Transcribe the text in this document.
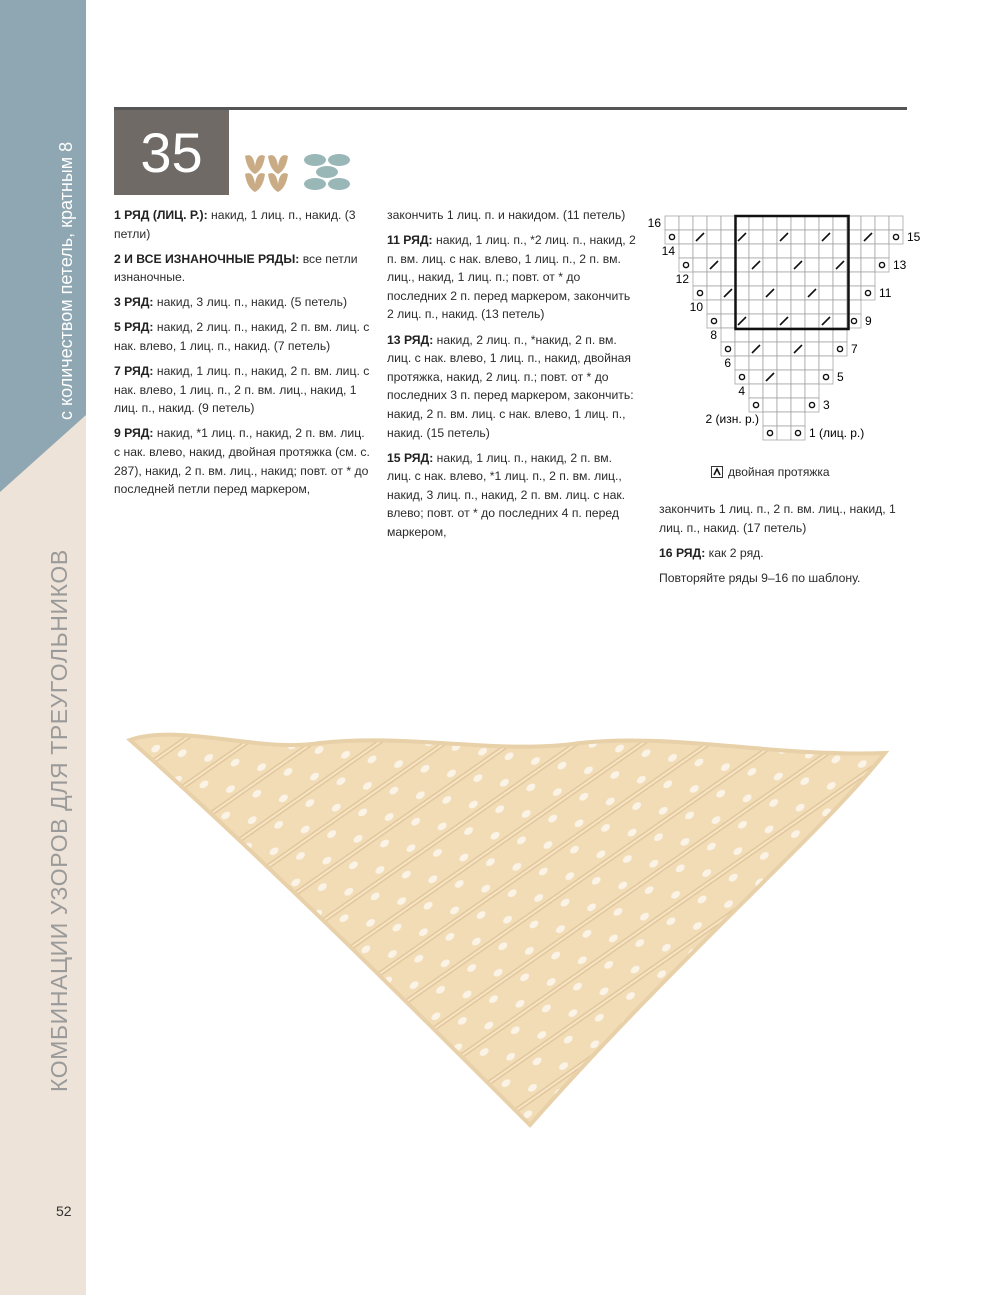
с количеством петель, кратным 8
КОМБИНАЦИИ УЗОРОВ ДЛЯ ТРЕУГОЛЬНИКОВ
52
35

1 РЯД (ЛИЦ. Р.): накид, 1 лиц. п., накид. (3 петли)

2 И ВСЕ ИЗНАНОЧНЫЕ РЯДЫ: все петли изнаночные.

3 РЯД: накид, 3 лиц. п., накид. (5 петель)

5 РЯД: накид, 2 лиц. п., накид, 2 п. вм. лиц. с нак. влево, 1 лиц. п., накид. (7 петель)

7 РЯД: накид, 1 лиц. п., накид, 2 п. вм. лиц. с нак. влево, 1 лиц. п., 2 п. вм. лиц., накид, 1 лиц. п., накид. (9 петель)

9 РЯД: накид, *1 лиц. п., накид, 2 п. вм. лиц. с нак. влево, накид, двойная протяжка (см. с. 287), накид, 2 п. вм. лиц., накид; повт. от * до последней петли перед маркером,

закончить 1 лиц. п. и накидом. (11 петель)

11 РЯД: накид, 1 лиц. п., *2 лиц. п., накид, 2 п. вм. лиц. с нак. влево, 1 лиц. п., 2 п. вм. лиц., накид, 1 лиц. п.; повт. от * до последних 2 п. перед маркером, закончить 2 лиц. п., накид. (13 петель)

13 РЯД: накид, 2 лиц. п., *накид, 2 п. вм. лиц. с нак. влево, 1 лиц. п., накид, двойная протяжка, накид, 2 лиц. п.; повт. от * до последних 3 п. перед маркером, закончить: накид, 2 п. вм. лиц. с нак. влево, 1 лиц. п., накид. (15 петель)

15 РЯД: накид, 1 лиц. п., накид, 2 п. вм. лиц. с нак. влево, *1 лиц. п., 2 п. вм. лиц., накид, 3 лиц. п., накид, 2 п. вм. лиц. с нак. влево; повт. от * до последних 4 п. перед маркером,

закончить 1 лиц. п., 2 п. вм. лиц., накид, 1 лиц. п., накид. (17 петель)

16 РЯД: как 2 ряд.

Повторяйте ряды 9–16 по шаблону.

16
14
12
10
8
6
4
2 (изн. р.)
15
13
11
9
7
5
3
1 (лиц. р.)
двойная протяжка
